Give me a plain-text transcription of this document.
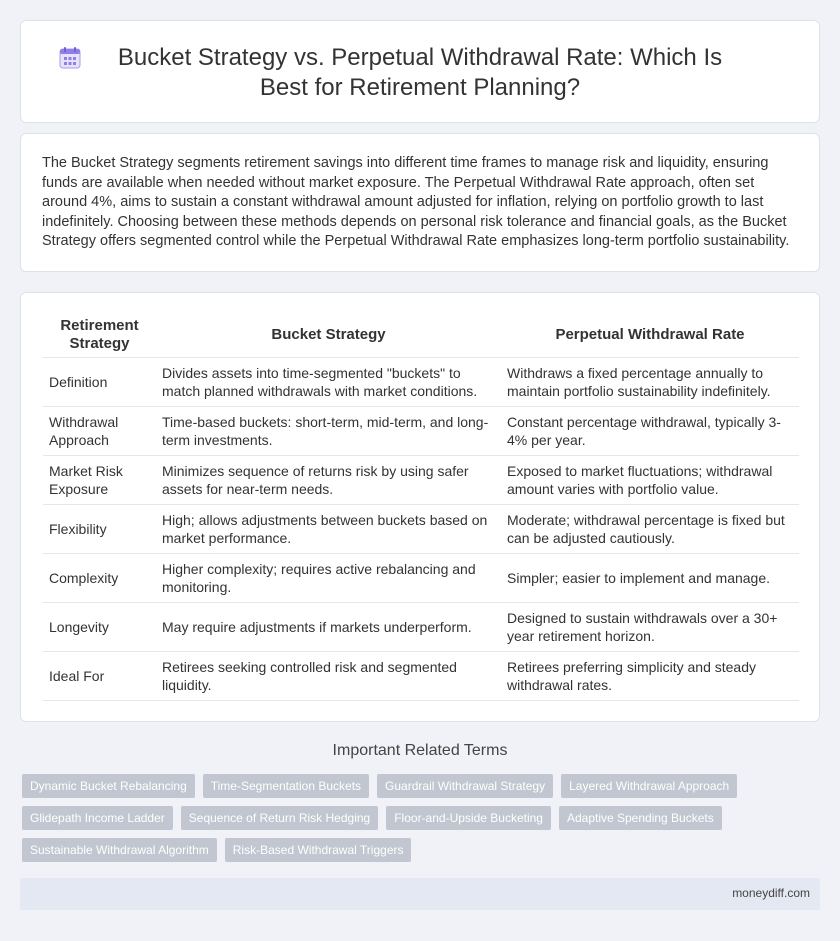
Bucket Strategy vs. Perpetual Withdrawal Rate: Which Is Best for Retirement Planning?

The Bucket Strategy segments retirement savings into different time frames to manage risk and liquidity, ensuring funds are available when needed without market exposure. The Perpetual Withdrawal Rate approach, often set around 4%, aims to sustain a constant withdrawal amount adjusted for inflation, relying on portfolio growth to last indefinitely. Choosing between these methods depends on personal risk tolerance and financial goals, as the Bucket Strategy offers segmented control while the Perpetual Withdrawal Rate emphasizes long-term portfolio sustainability.

Retirement Strategy	Bucket Strategy	Perpetual Withdrawal Rate
Definition	Divides assets into time-segmented "buckets" to match planned withdrawals with market conditions.	Withdraws a fixed percentage annually to maintain portfolio sustainability indefinitely.
Withdrawal Approach	Time-based buckets: short-term, mid-term, and long-term investments.	Constant percentage withdrawal, typically 3-4% per year.
Market Risk Exposure	Minimizes sequence of returns risk by using safer assets for near-term needs.	Exposed to market fluctuations; withdrawal amount varies with portfolio value.
Flexibility	High; allows adjustments between buckets based on market performance.	Moderate; withdrawal percentage is fixed but can be adjusted cautiously.
Complexity	Higher complexity; requires active rebalancing and monitoring.	Simpler; easier to implement and manage.
Longevity	May require adjustments if markets underperform.	Designed to sustain withdrawals over a 30+ year retirement horizon.
Ideal For	Retirees seeking controlled risk and segmented liquidity.	Retirees preferring simplicity and steady withdrawal rates.
Important Related Terms
Dynamic Bucket Rebalancing	Time-Segmentation Buckets	Guardrail Withdrawal Strategy	Layered Withdrawal Approach
Glidepath Income Ladder	Sequence of Return Risk Hedging	Floor-and-Upside Bucketing	Adaptive Spending Buckets
Sustainable Withdrawal Algorithm	Risk-Based Withdrawal Triggers
moneydiff.com
